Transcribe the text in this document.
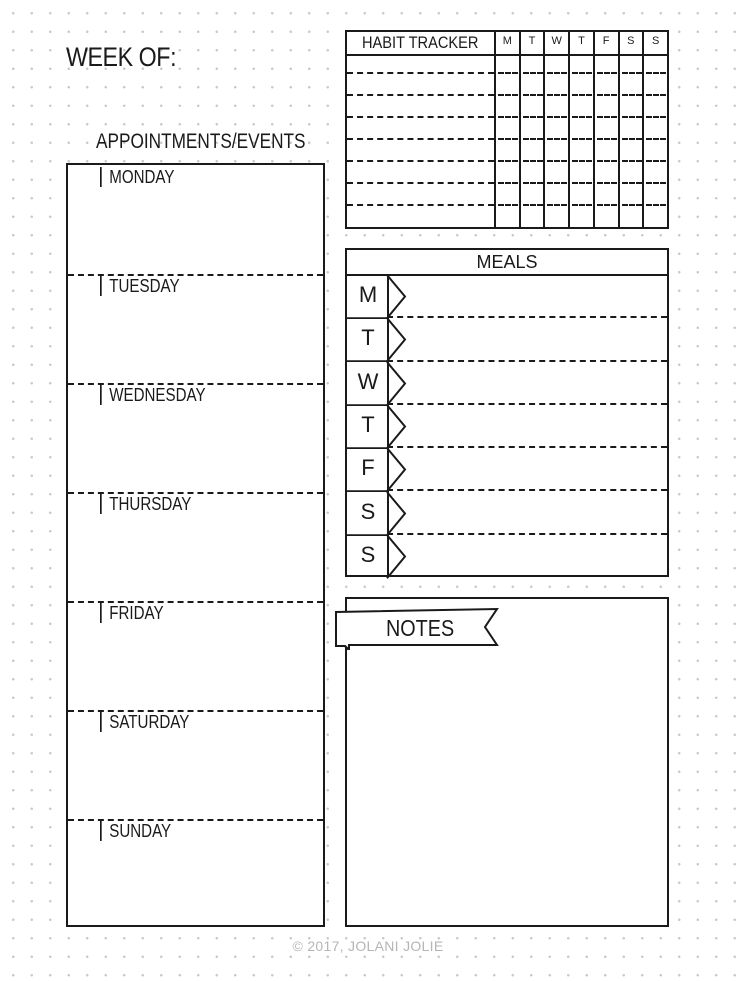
WEEK OF:
APPOINTMENTS/EVENTS
MONDAY
TUESDAY
WEDNESDAY
THURSDAY
FRIDAY
SATURDAY
SUNDAY
HABIT TRACKER	M	T	W	T	F	S	S
MEALS
M
T
W
T
F
S
S
NOTES
© 2017, JOLANI JOLIE
